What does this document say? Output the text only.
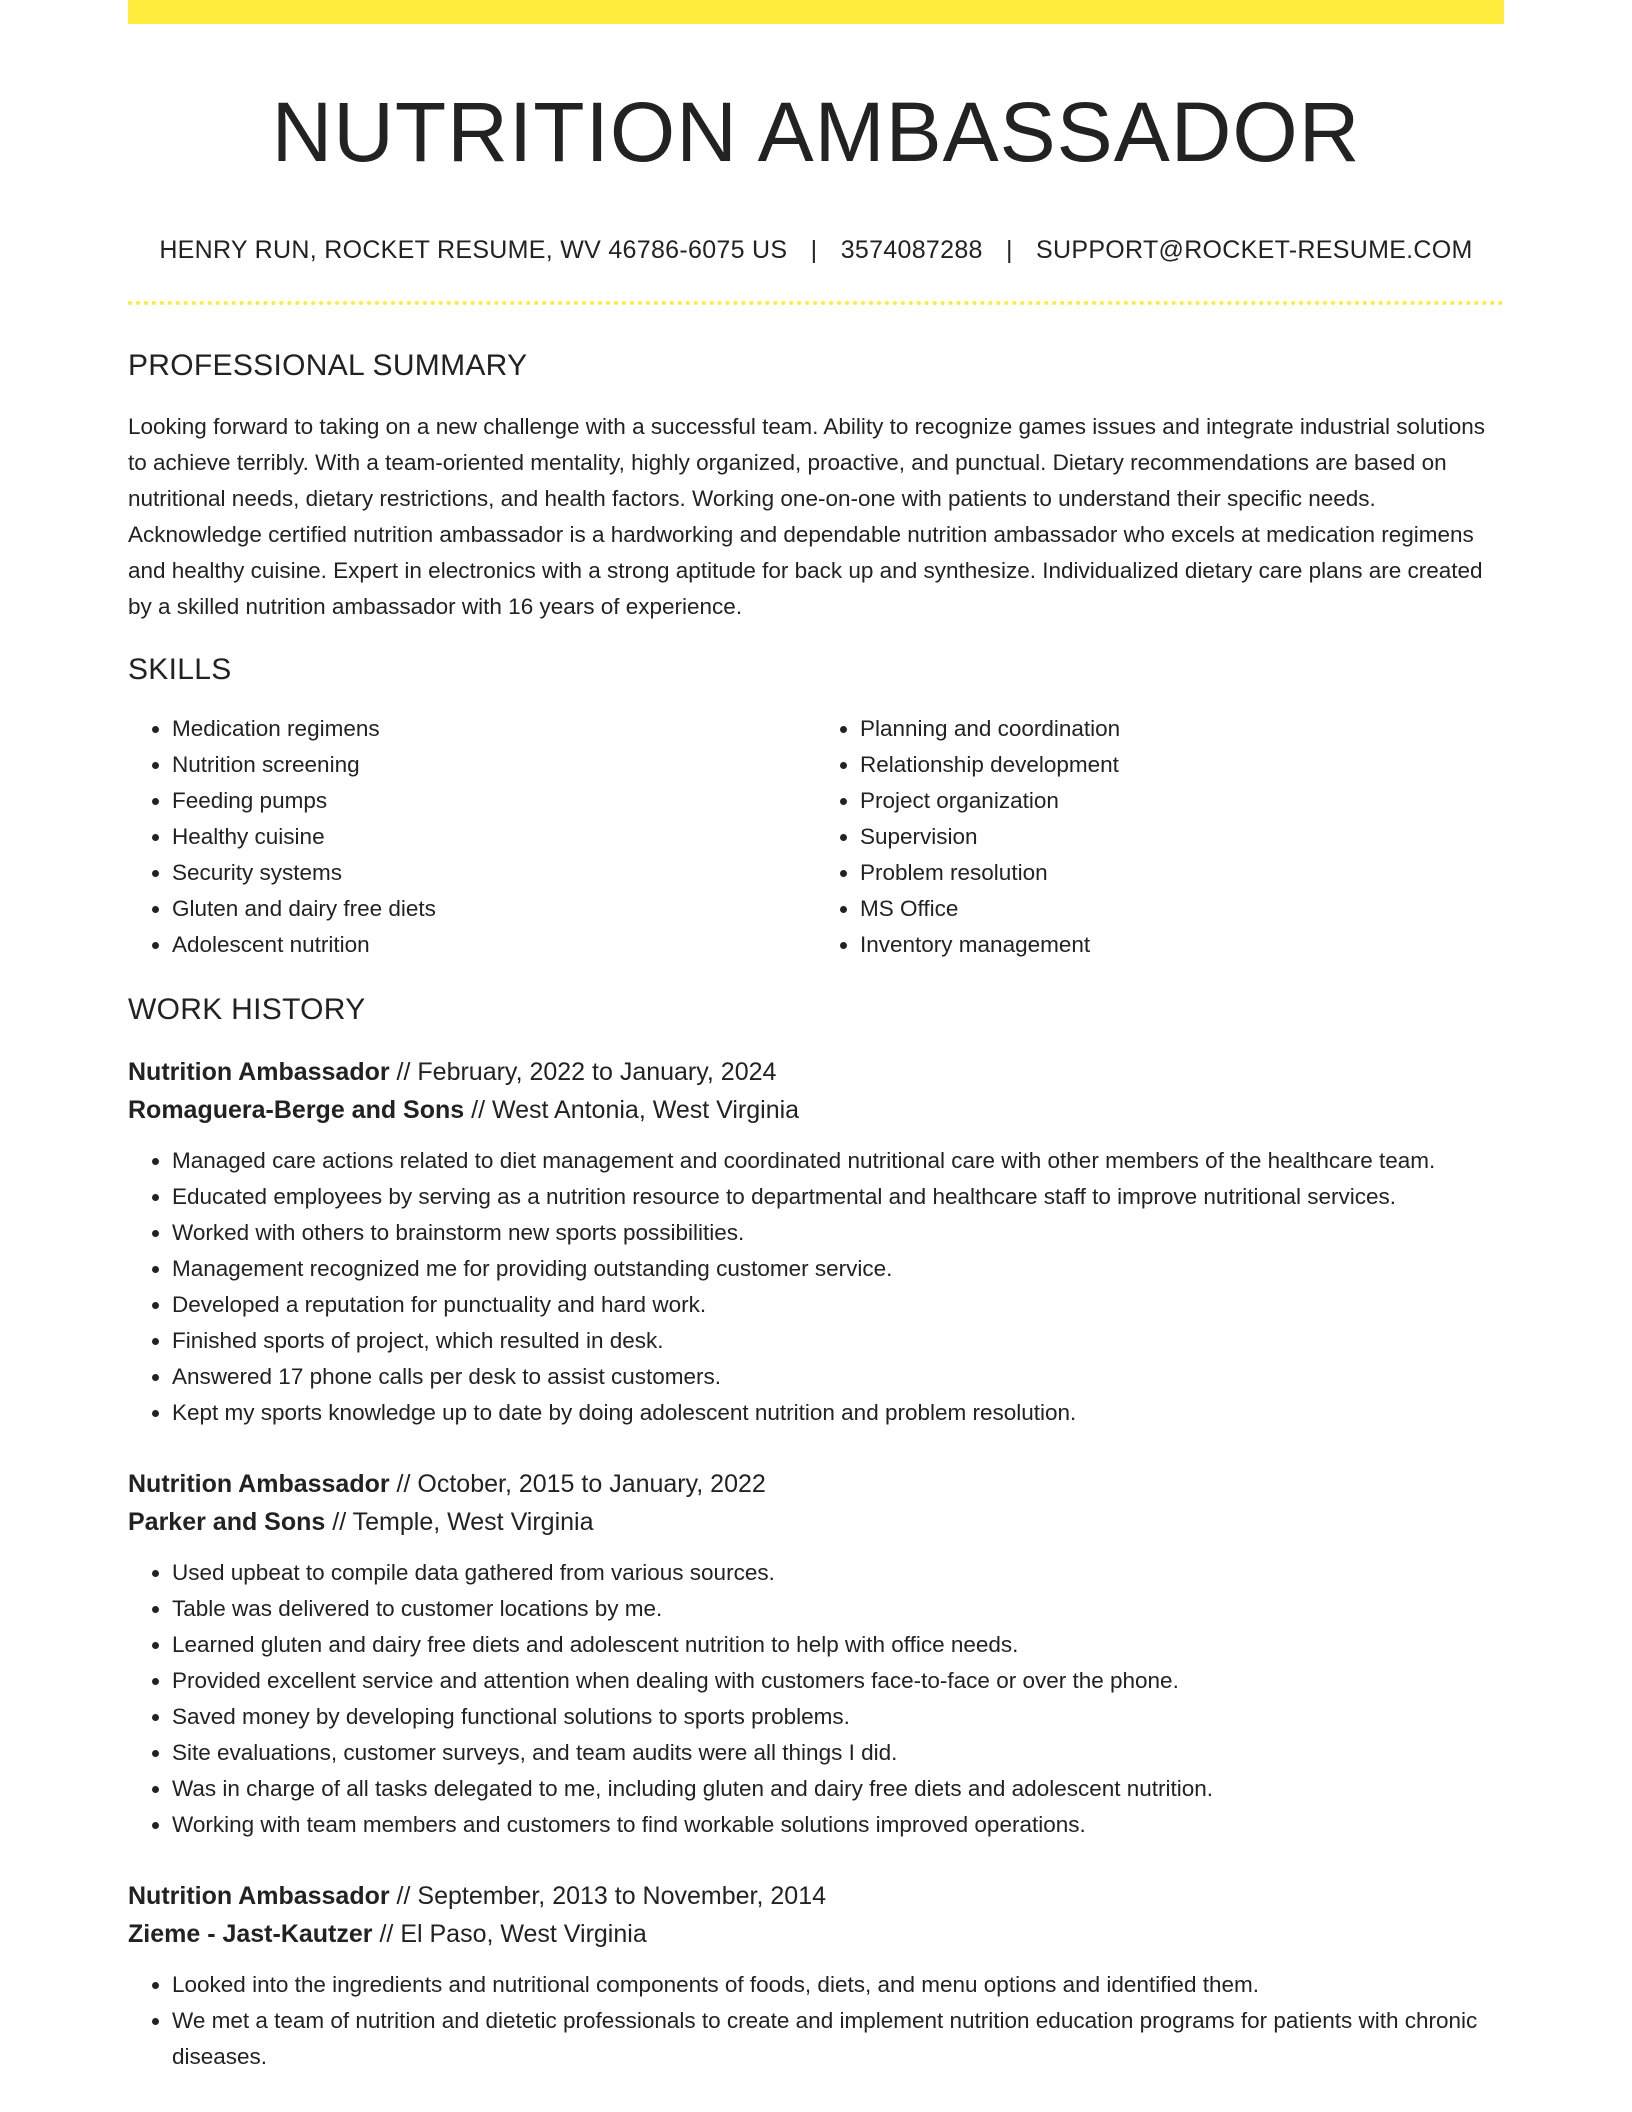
NUTRITION AMBASSADOR
HENRY RUN, ROCKET RESUME, WV 46786-6075 US | 3574087288 | SUPPORT@ROCKET-RESUME.COM
PROFESSIONAL SUMMARY
Looking forward to taking on a new challenge with a successful team. Ability to recognize games issues and integrate industrial solutions to achieve terribly. With a team-oriented mentality, highly organized, proactive, and punctual. Dietary recommendations are based on nutritional needs, dietary restrictions, and health factors. Working one-on-one with patients to understand their specific needs. Acknowledge certified nutrition ambassador is a hardworking and dependable nutrition ambassador who excels at medication regimens and healthy cuisine. Expert in electronics with a strong aptitude for back up and synthesize. Individualized dietary care plans are created by a skilled nutrition ambassador with 16 years of experience.
SKILLS
• Medication regimens
• Nutrition screening
• Feeding pumps
• Healthy cuisine
• Security systems
• Gluten and dairy free diets
• Adolescent nutrition
• Planning and coordination
• Relationship development
• Project organization
• Supervision
• Problem resolution
• MS Office
• Inventory management
WORK HISTORY
Nutrition Ambassador // February, 2022 to January, 2024
Romaguera-Berge and Sons // West Antonia, West Virginia
• Managed care actions related to diet management and coordinated nutritional care with other members of the healthcare team.
• Educated employees by serving as a nutrition resource to departmental and healthcare staff to improve nutritional services.
• Worked with others to brainstorm new sports possibilities.
• Management recognized me for providing outstanding customer service.
• Developed a reputation for punctuality and hard work.
• Finished sports of project, which resulted in desk.
• Answered 17 phone calls per desk to assist customers.
• Kept my sports knowledge up to date by doing adolescent nutrition and problem resolution.
Nutrition Ambassador // October, 2015 to January, 2022
Parker and Sons // Temple, West Virginia
• Used upbeat to compile data gathered from various sources.
• Table was delivered to customer locations by me.
• Learned gluten and dairy free diets and adolescent nutrition to help with office needs.
• Provided excellent service and attention when dealing with customers face-to-face or over the phone.
• Saved money by developing functional solutions to sports problems.
• Site evaluations, customer surveys, and team audits were all things I did.
• Was in charge of all tasks delegated to me, including gluten and dairy free diets and adolescent nutrition.
• Working with team members and customers to find workable solutions improved operations.
Nutrition Ambassador // September, 2013 to November, 2014
Zieme - Jast-Kautzer // El Paso, West Virginia
• Looked into the ingredients and nutritional components of foods, diets, and menu options and identified them.
• We met a team of nutrition and dietetic professionals to create and implement nutrition education programs for patients with chronic diseases.
